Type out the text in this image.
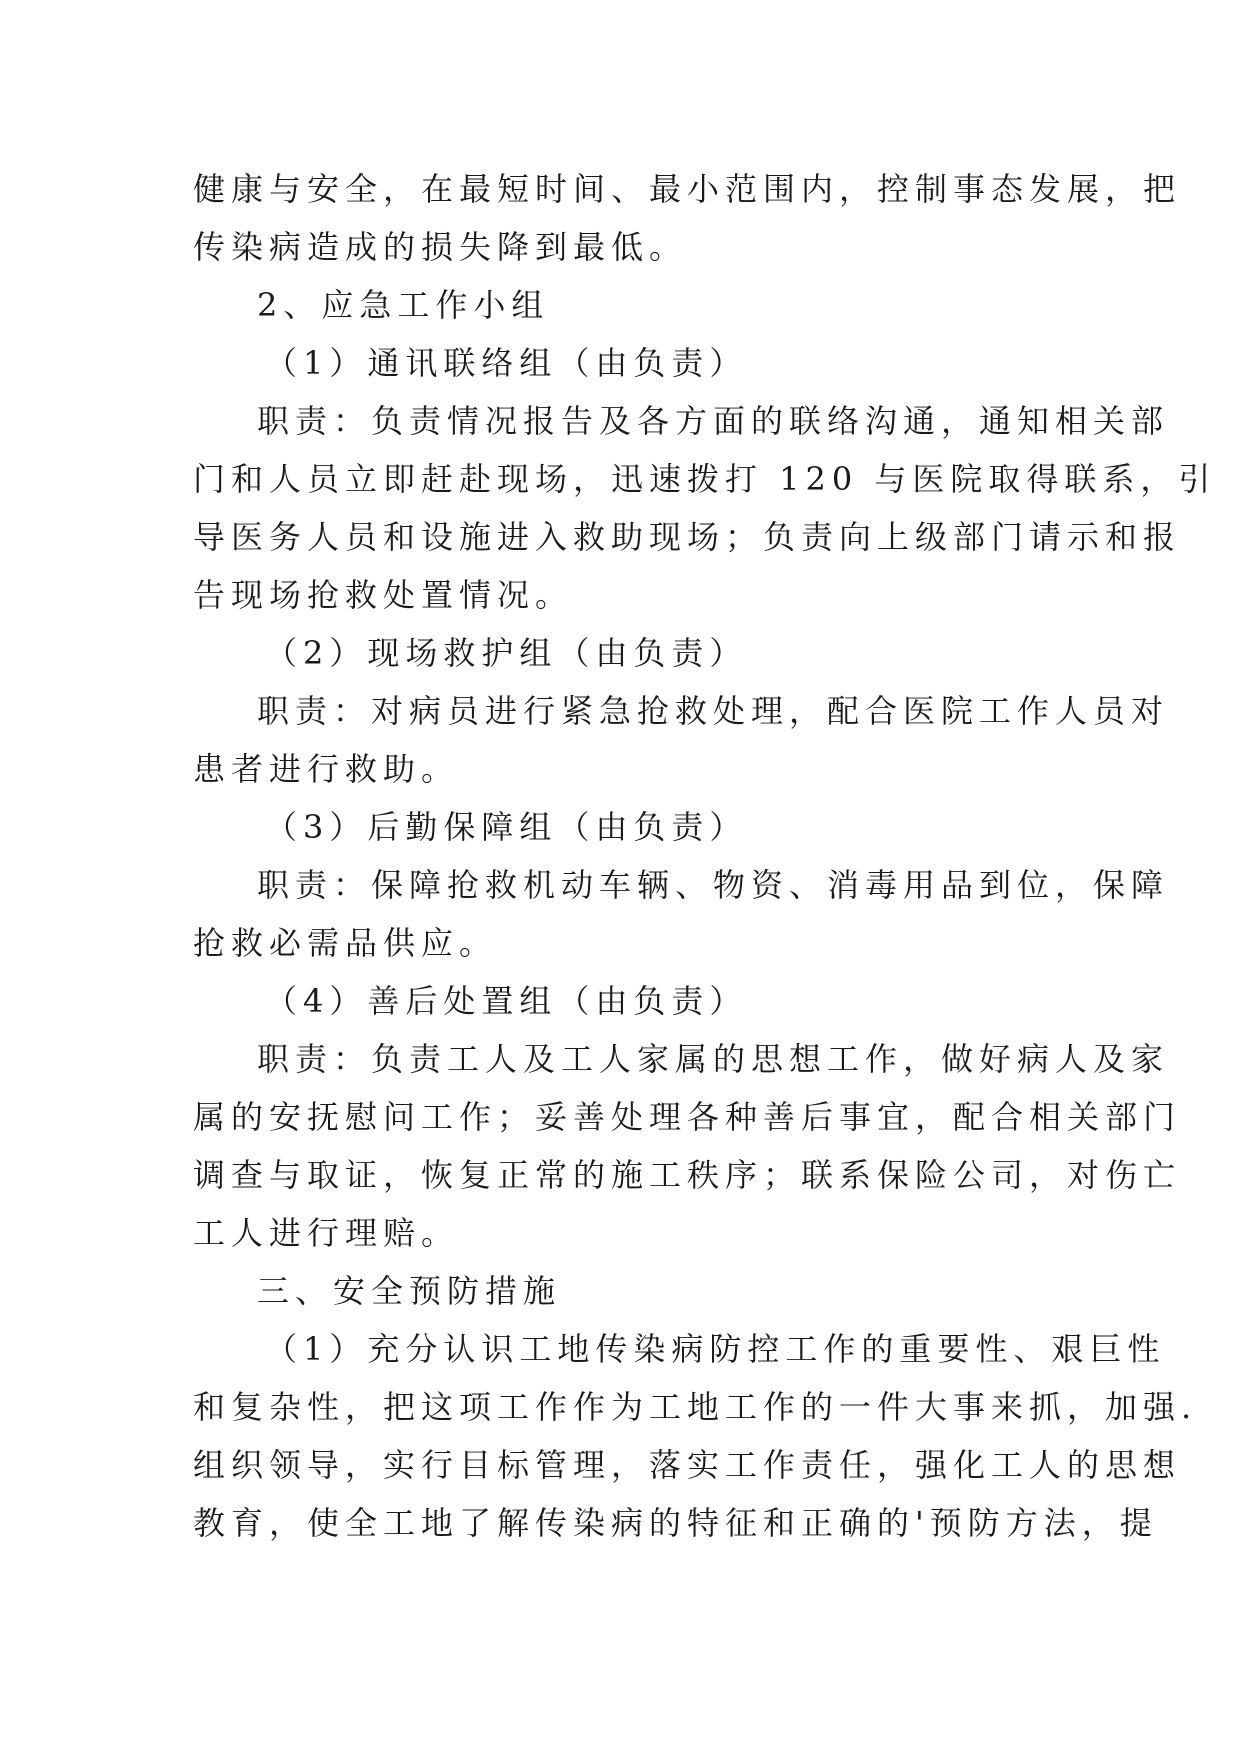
健康与安全，在最短时间、最小范围内，控制事态发展，把
传染病造成的损失降到最低。
2、应急工作小组
（1）通讯联络组（由负责）
职责：负责情况报告及各方面的联络沟通，通知相关部
门和人员立即赶赴现场，迅速拨打 120 与医院取得联系，引
导医务人员和设施进入救助现场；负责向上级部门请示和报
告现场抢救处置情况。
（2）现场救护组（由负责）
职责：对病员进行紧急抢救处理，配合医院工作人员对
患者进行救助。
（3）后勤保障组（由负责）
职责：保障抢救机动车辆、物资、消毒用品到位，保障
抢救必需品供应。
（4）善后处置组（由负责）
职责：负责工人及工人家属的思想工作，做好病人及家
属的安抚慰问工作；妥善处理各种善后事宜，配合相关部门
调查与取证，恢复正常的施工秩序；联系保险公司，对伤亡
工人进行理赔。
三、安全预防措施
（1）充分认识工地传染病防控工作的重要性、艰巨性
和复杂性，把这项工作作为工地工作的一件大事来抓，加强.
组织领导，实行目标管理，落实工作责任，强化工人的思想
教育，使全工地了解传染病的特征和正确的'预防方法，提
